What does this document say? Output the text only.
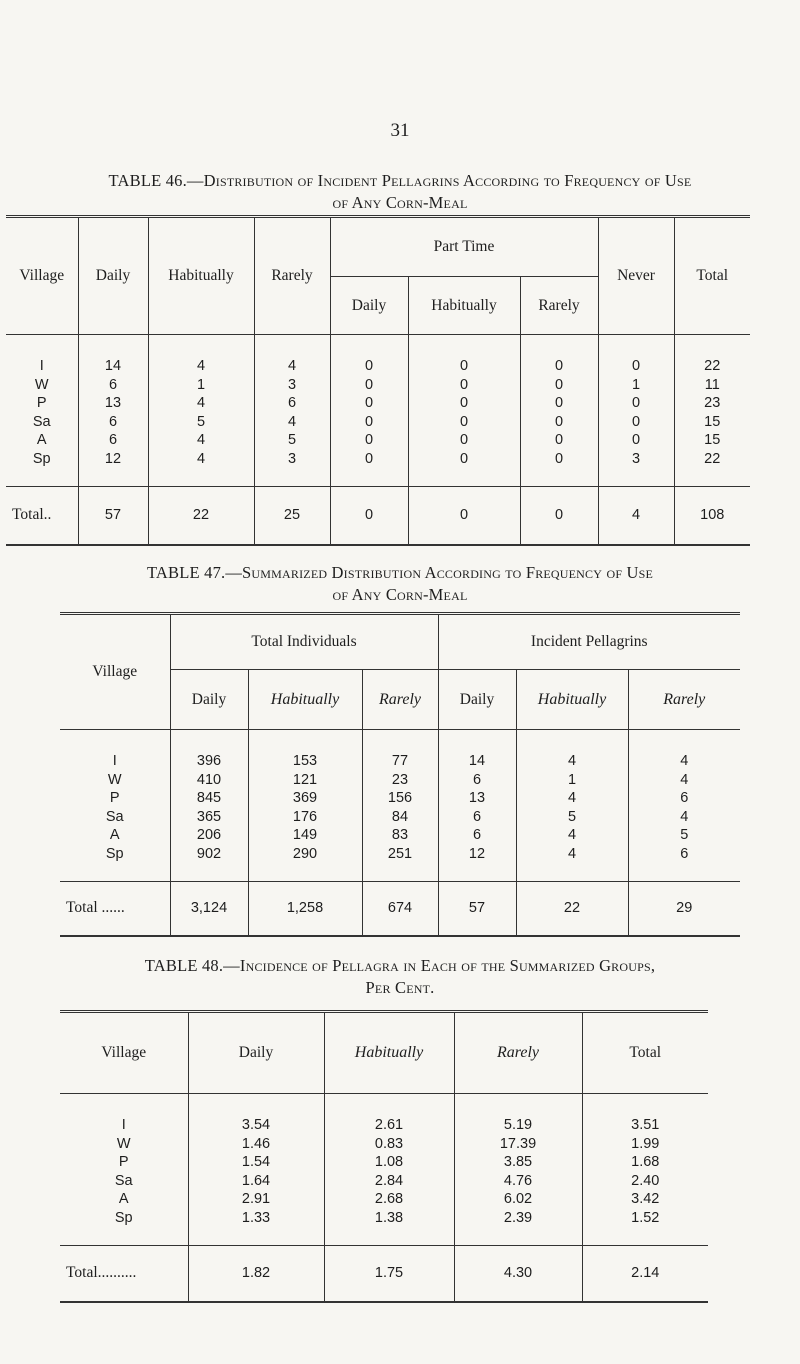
31
TABLE 46.—Distribution of Incident Pellagrins According to Frequency of Use
of Any Corn-Meal
Village	Daily	Habitually	Rarely	Part Time			Never	Total
				Daily	Habitually	Rarely		
I	14	4	4	0	0	0	0	22
W	6	1	3	0	0	0	1	11
P	13	4	6	0	0	0	0	23
Sa	6	5	4	0	0	0	0	15
A	6	4	5	0	0	0	0	15
Sp	12	4	3	0	0	0	3	22
Total..	57	22	25	0	0	0	4	108
TABLE 47.—Summarized Distribution According to Frequency of Use
of Any Corn-Meal
Village	Total Individuals			Incident Pellagrins		
	Daily	Habitually	Rarely	Daily	Habitually	Rarely
I	396	153	77	14	4	4
W	410	121	23	6	1	4
P	845	369	156	13	4	6
Sa	365	176	84	6	5	4
A	206	149	83	6	4	5
Sp	902	290	251	12	4	6
Total ......	3,124	1,258	674	57	22	29
TABLE 48.—Incidence of Pellagra in Each of the Summarized Groups,
Per Cent.
Village	Daily	Habitually	Rarely	Total
I	3.54	2.61	5.19	3.51
W	1.46	0.83	17.39	1.99
P	1.54	1.08	3.85	1.68
Sa	1.64	2.84	4.76	2.40
A	2.91	2.68	6.02	3.42
Sp	1.33	1.38	2.39	1.52
Total..........	1.82	1.75	4.30	2.14
